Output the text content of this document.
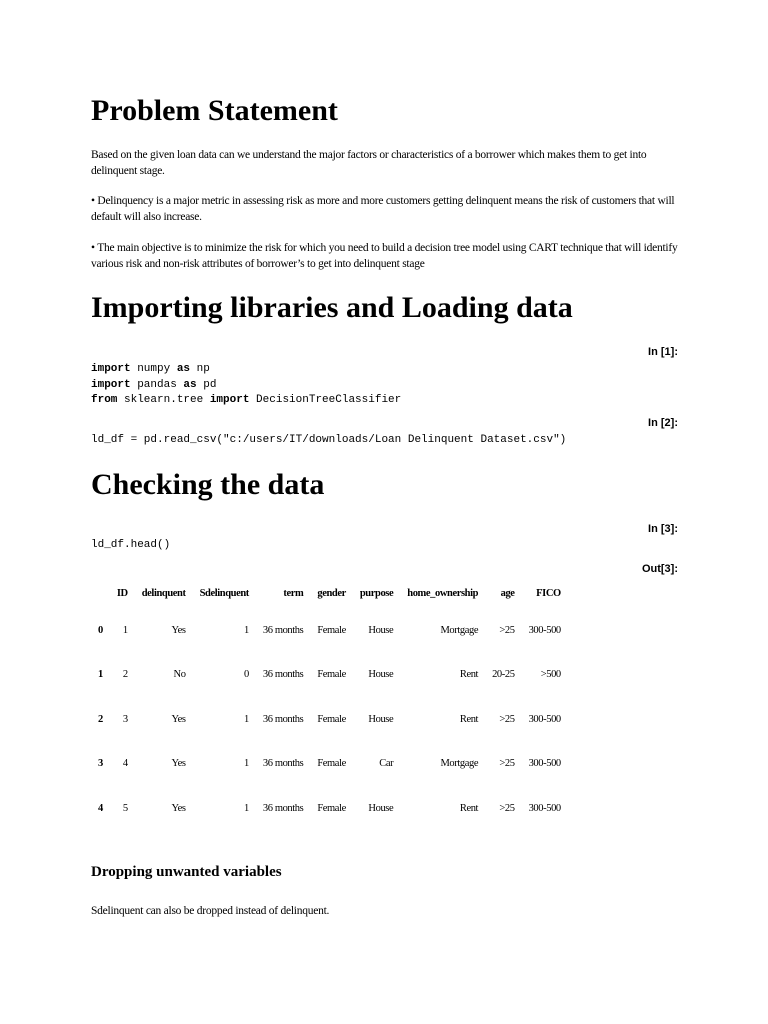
Problem Statement

Based on the given loan data can we understand the major factors or characteristics of a borrower which makes them to get into delinquent stage.

• Delinquency is a major metric in assessing risk as more and more customers getting delinquent means the risk of customers that will default will also increase.

• The main objective is to minimize the risk for which you need to build a decision tree model using CART technique that will identify various risk and non-risk attributes of borrower’s to get into delinquent stage

Importing libraries and Loading data
In [1]:
import numpy as np
import pandas as pd
from sklearn.tree import DecisionTreeClassifier
In [2]:
ld_df = pd.read_csv("c:/users/IT/downloads/Loan Delinquent Dataset.csv")
Checking the data
In [3]:
ld_df.head()
Out[3]:
	ID	delinquent	Sdelinquent	term	gender	purpose	home_ownership	age	FICO
0	1	Yes	1	36 months	Female	House	Mortgage	>25	300-500
1	2	No	0	36 months	Female	House	Rent	20-25	>500
2	3	Yes	1	36 months	Female	House	Rent	>25	300-500
3	4	Yes	1	36 months	Female	Car	Mortgage	>25	300-500
4	5	Yes	1	36 months	Female	House	Rent	>25	300-500
Dropping unwanted variables

Sdelinquent can also be dropped instead of delinquent.
